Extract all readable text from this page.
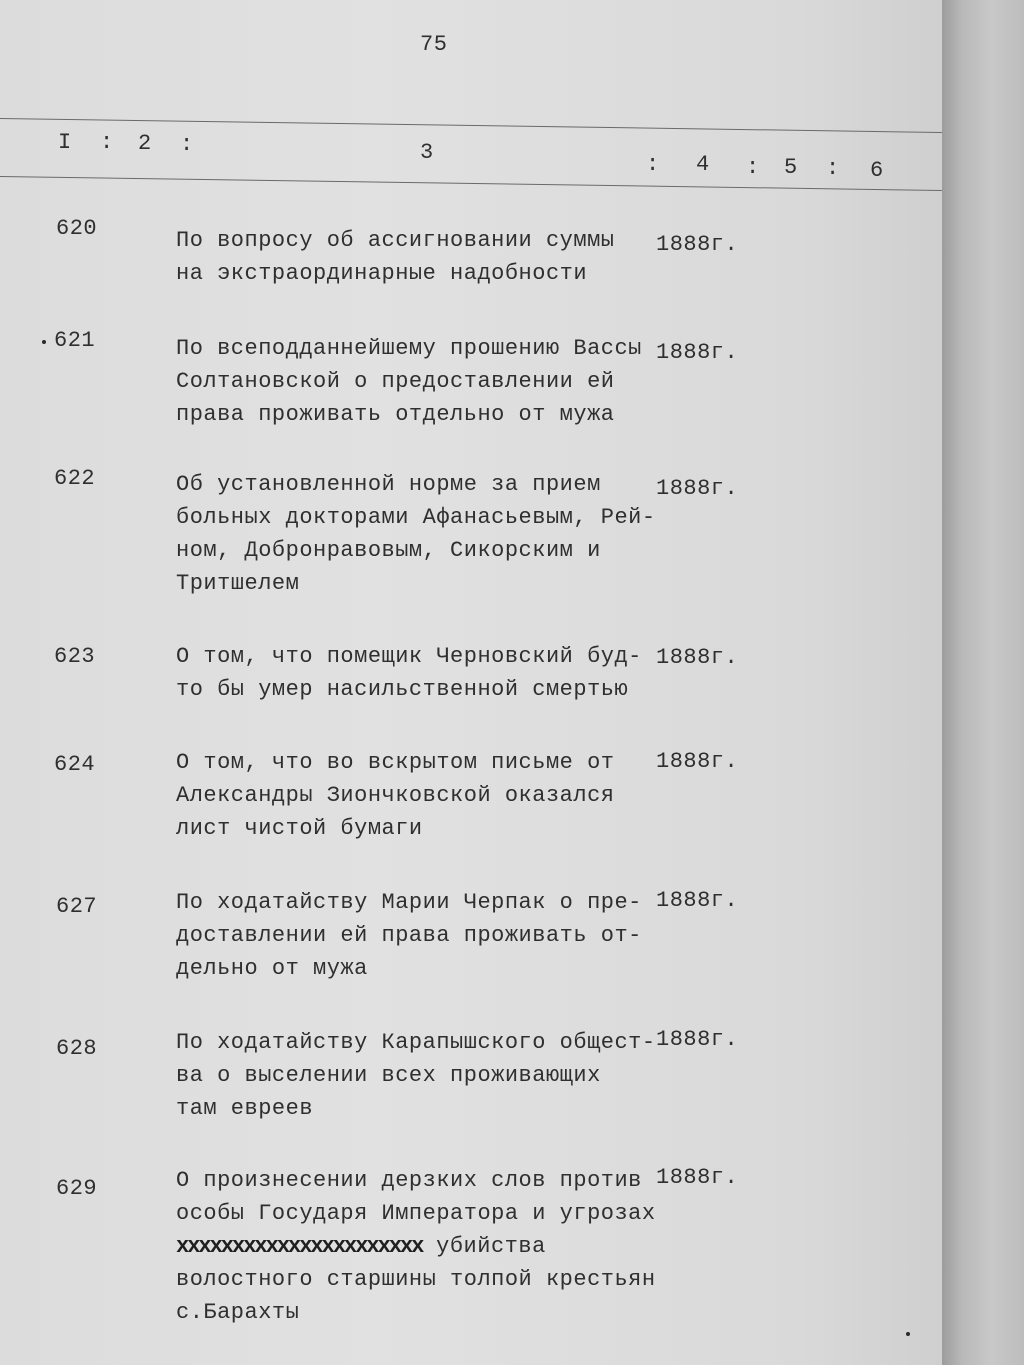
75
I : 2 :	3	: 4 : 5 : 6
620	По вопросу об ассигновании суммы
на экстраординарные надобности
1888г.
621	По всеподданнейшему прошению Вассы
Солтановской о предоставлении ей
права проживать отдельно от мужа
1888г.
622	Об установленной норме за прием
больных докторами Афанасьевым, Рей-
ном, Добронравовым, Сикорским и
Тритшелем
1888г.
623	О том, что помещик Черновский буд-
то бы умер насильственной смертью
1888г.
624	О том, что во вскрытом письме от
Александры Зиончковской оказался
лист чистой бумаги
1888г.
627	По ходатайству Марии Черпак о пре-
доставлении ей права проживать от-
дельно от мужа
1888г.
628	По ходатайству Карапышского общест-
ва о выселении всех проживающих
там евреев
1888г.
629	О произнесении дерзких слов против
особы Государя Императора и угрозах
хххххххххххххххххххххх убийства
волостного старшины толпой крестьян
с.Барахты
1888г.
